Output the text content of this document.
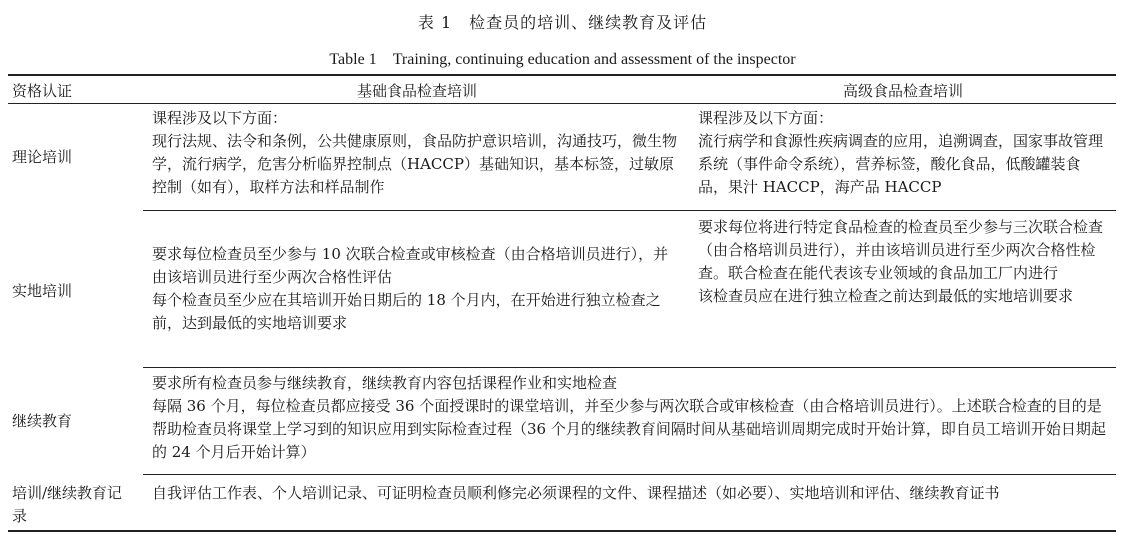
表 1　检查员的培训、继续教育及评估
Table 1　Training, continuing education and assessment of the inspector
资格认证	基础食品检查培训	高级食品检查培训
理论培训

课程涉及以下方面：

现行法规、法令和条例，公共健康原则，食品防护意识培训，沟通技巧，微生物学，流行病学，危害分析临界控制点（HACCP）基础知识，基本标签，过敏原控制（如有），取样方法和样品制作

课程涉及以下方面：

流行病学和食源性疾病调查的应用，追溯调查，国家事故管理系统（事件命令系统），营养标签，酸化食品，低酸罐装食品，果汁 HACCP，海产品 HACCP

实地培训

要求每位检查员至少参与 10 次联合检查或审核检查（由合格培训员进行），并由该培训员进行至少两次合格性评估

每个检查员至少应在其培训开始日期后的 18 个月内，在开始进行独立检查之前，达到最低的实地培训要求

要求每位将进行特定食品检查的检查员至少参与三次联合检查（由合格培训员进行），并由该培训员进行至少两次合格性检查。联合检查在能代表该专业领域的食品加工厂内进行

该检查员应在进行独立检查之前达到最低的实地培训要求

继续教育

要求所有检查员参与继续教育，继续教育内容包括课程作业和实地检查

每隔 36 个月，每位检查员都应接受 36 个面授课时的课堂培训，并至少参与两次联合或审核检查（由合格培训员进行）。上述联合检查的目的是帮助检查员将课堂上学习到的知识应用到实际检查过程（36 个月的继续教育间隔时间从基础培训周期完成时开始计算，即自员工培训开始日期起的 24 个月后开始计算）

培训/继续教育记录

自我评估工作表、个人培训记录、可证明检查员顺利修完必须课程的文件、课程描述（如必要）、实地培训和评估、继续教育证书
